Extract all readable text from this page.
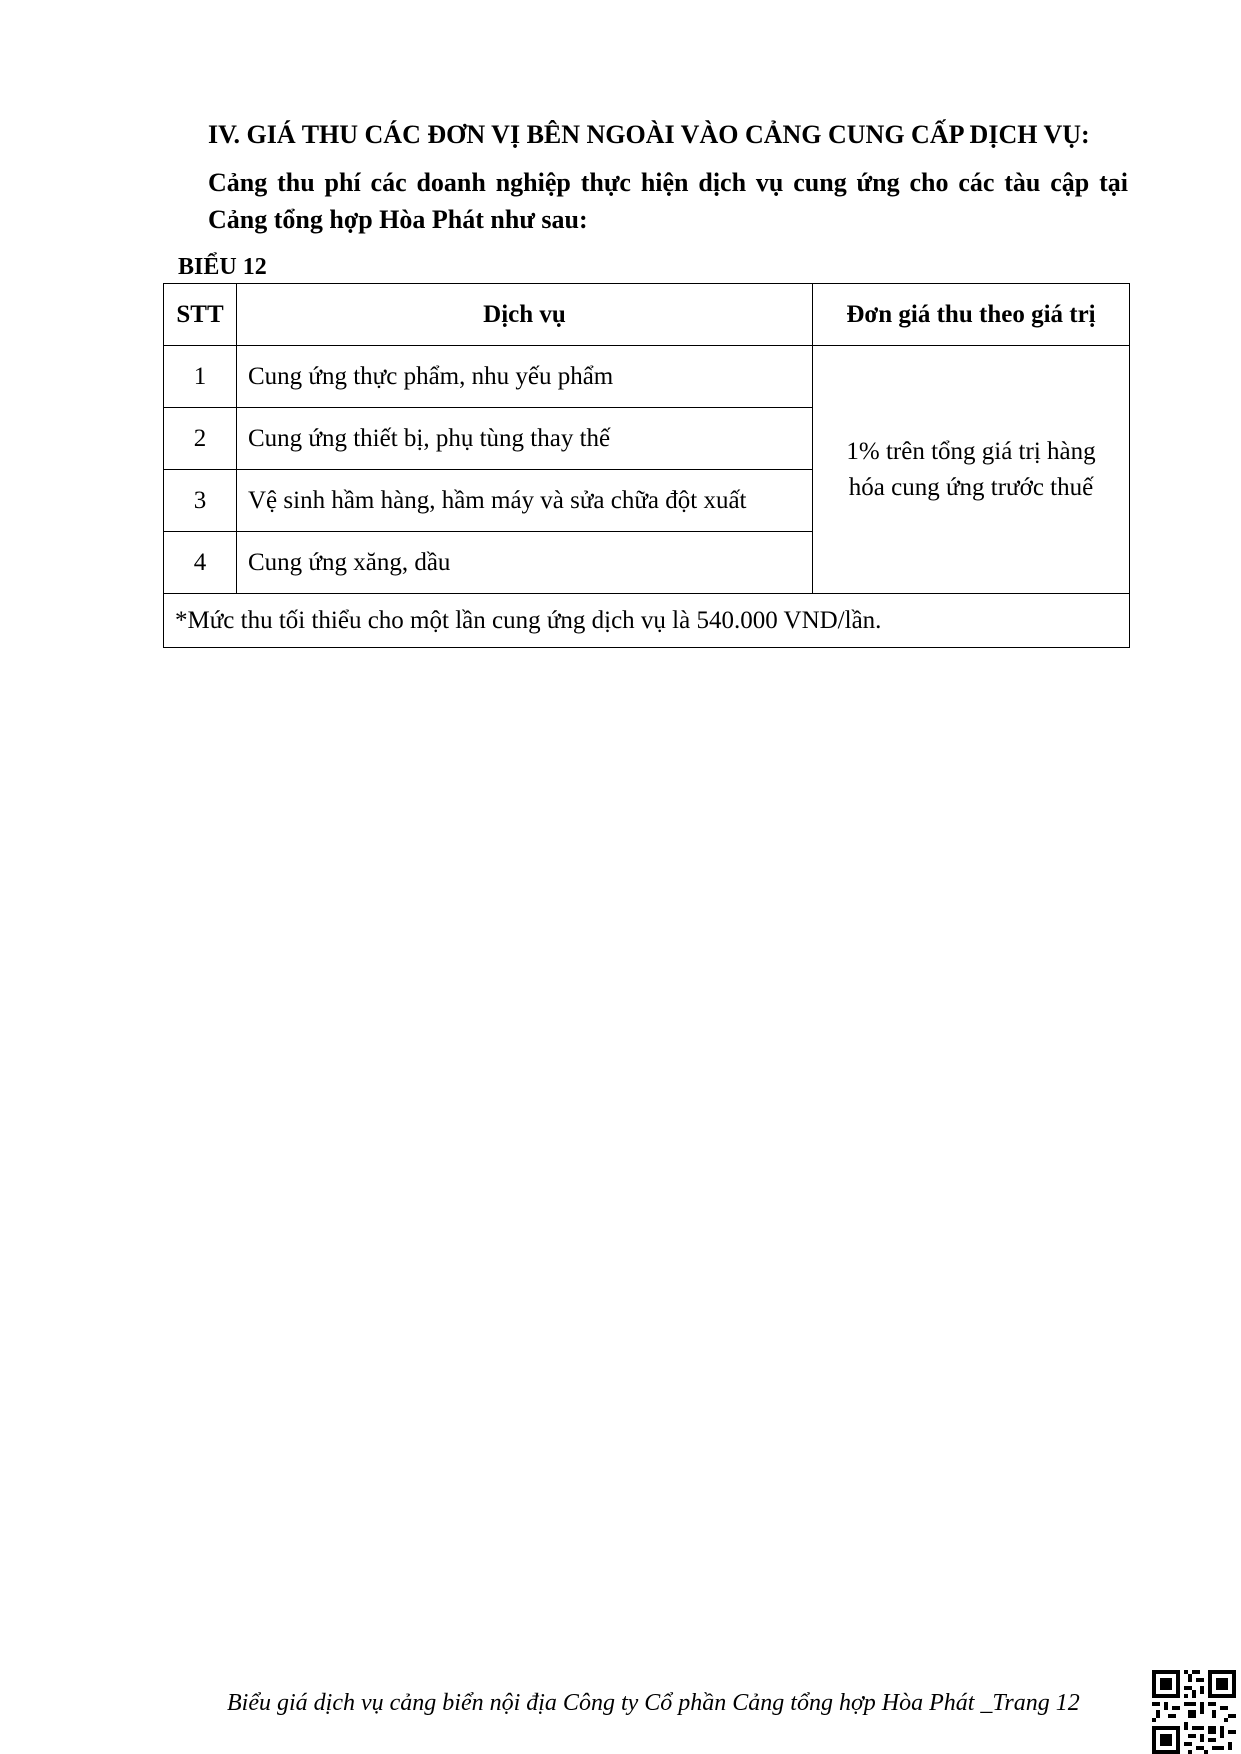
IV. GIÁ THU CÁC ĐƠN VỊ BÊN NGOÀI VÀO CẢNG CUNG CẤP DỊCH VỤ:
Cảng thu phí các doanh nghiệp thực hiện dịch vụ cung ứng cho các tàu cập tại Cảng tổng hợp Hòa Phát như sau:
BIỂU 12
STT	Dịch vụ	Đơn giá thu theo giá trị
1	Cung ứng thực phẩm, nhu yếu phẩm	1% trên tổng giá trị hàng
hóa cung ứng trước thuế
2	Cung ứng thiết bị, phụ tùng thay thế	
3	Vệ sinh hầm hàng, hầm máy và sửa chữa đột xuất	
4	Cung ứng xăng, dầu	
*Mức thu tối thiểu cho một lần cung ứng dịch vụ là 540.000 VND/lần.		
Biểu giá dịch vụ cảng biển nội địa Công ty Cổ phần Cảng tổng hợp Hòa Phát _Trang 12
